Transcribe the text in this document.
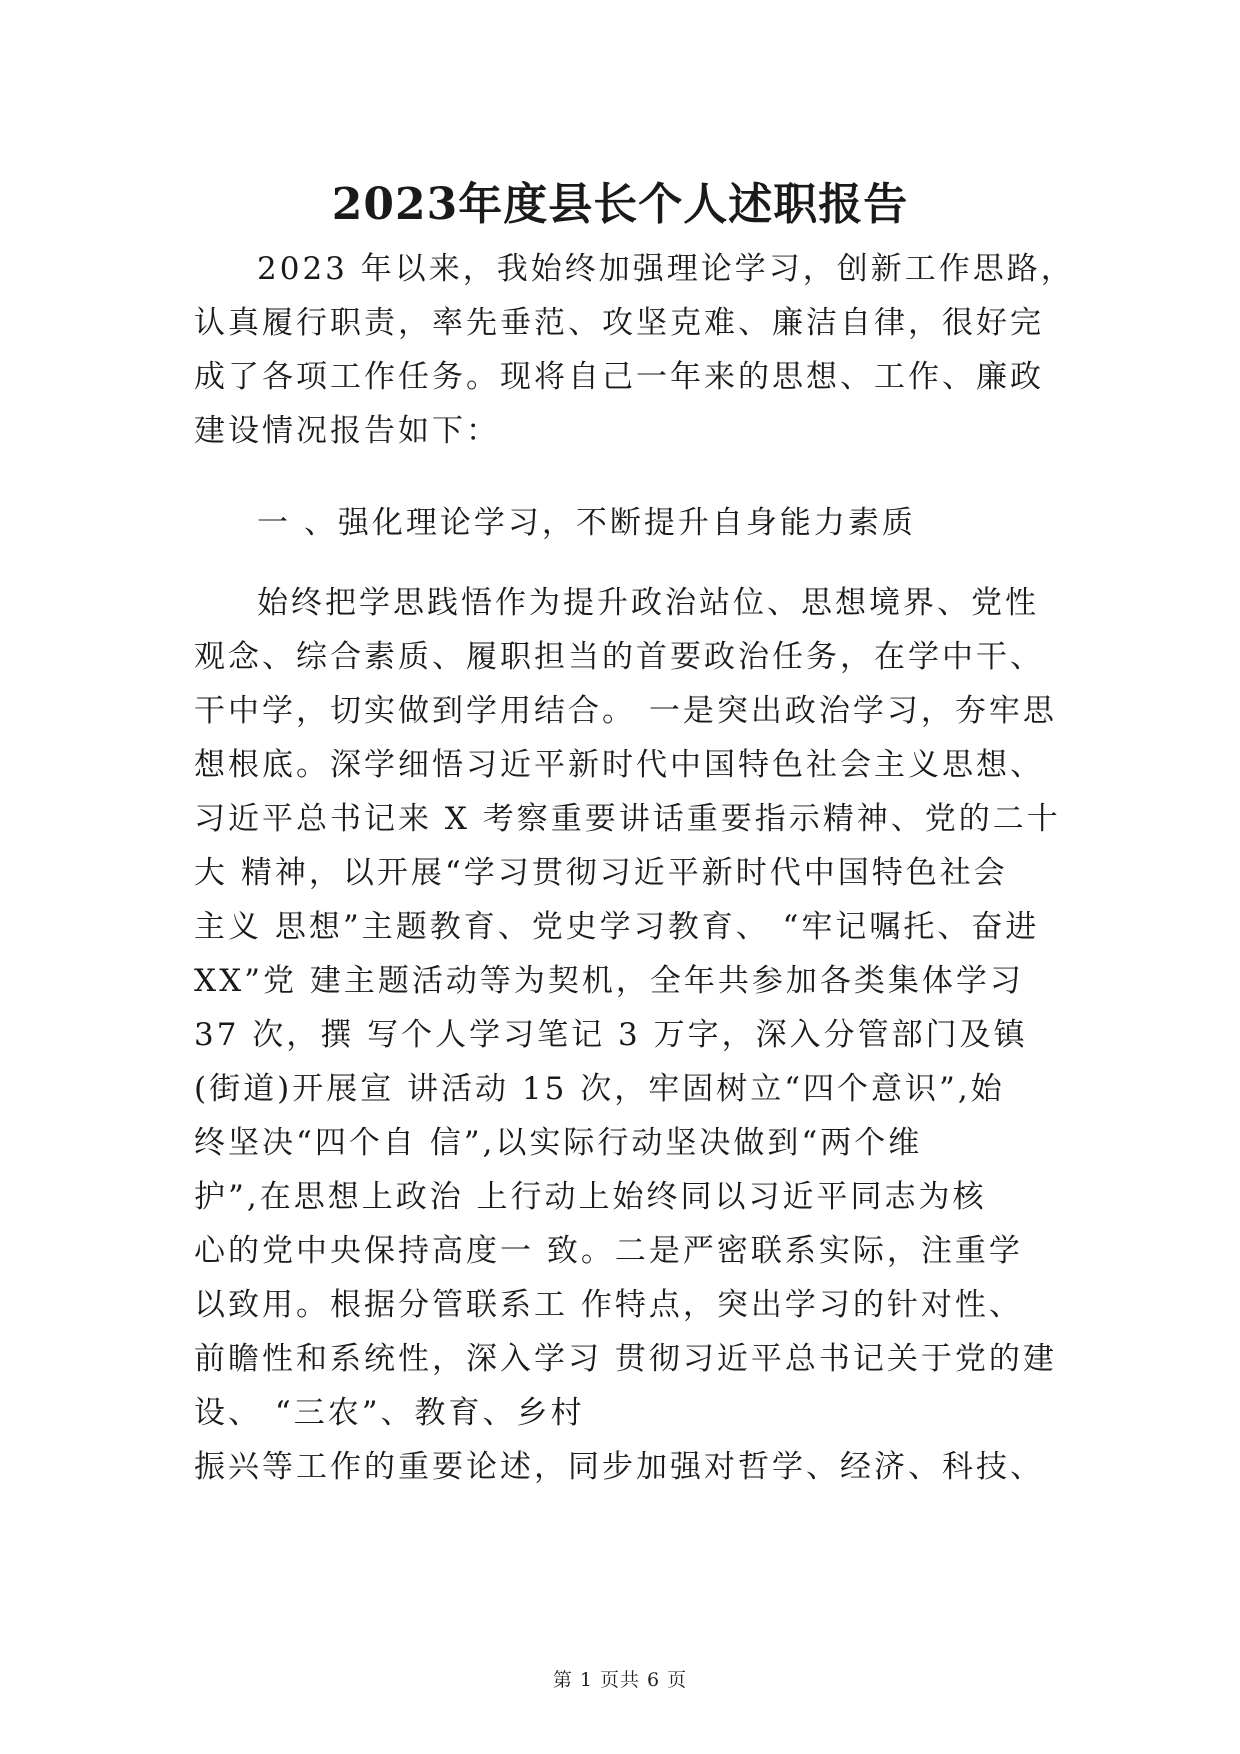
2023年度县长个人述职报告
2023 年以来，我始终加强理论学习，创新工作思路，
认真履行职责，率先垂范、攻坚克难、廉洁自律，很好完
成了各项工作任务。现将自己一年来的思想、工作、廉政
建设情况报告如下：
一 、强化理论学习，不断提升自身能力素质
始终把学思践悟作为提升政治站位、思想境界、党性
观念、综合素质、履职担当的首要政治任务，在学中干、
干中学，切实做到学用结合。 一是突出政治学习，夯牢思
想根底。深学细悟习近平新时代中国特色社会主义思想、
习近平总书记来 X 考察重要讲话重要指示精神、党的二十
大 精神，以开展“学习贯彻习近平新时代中国特色社会
主义 思想”主题教育、党史学习教育、 “牢记嘱托、奋进
XX”党 建主题活动等为契机，全年共参加各类集体学习
37 次，撰 写个人学习笔记 3 万字，深入分管部门及镇
(街道)开展宣 讲活动 15 次，牢固树立“四个意识”,始
终坚决“四个自 信”,以实际行动坚决做到“两个维
护”,在思想上政治 上行动上始终同以习近平同志为核
心的党中央保持高度一 致。二是严密联系实际，注重学
以致用。根据分管联系工 作特点，突出学习的针对性、
前瞻性和系统性，深入学习 贯彻习近平总书记关于党的建
设、 “三农”、教育、乡村
振兴等工作的重要论述，同步加强对哲学、经济、科技、
第 1 页共 6 页
